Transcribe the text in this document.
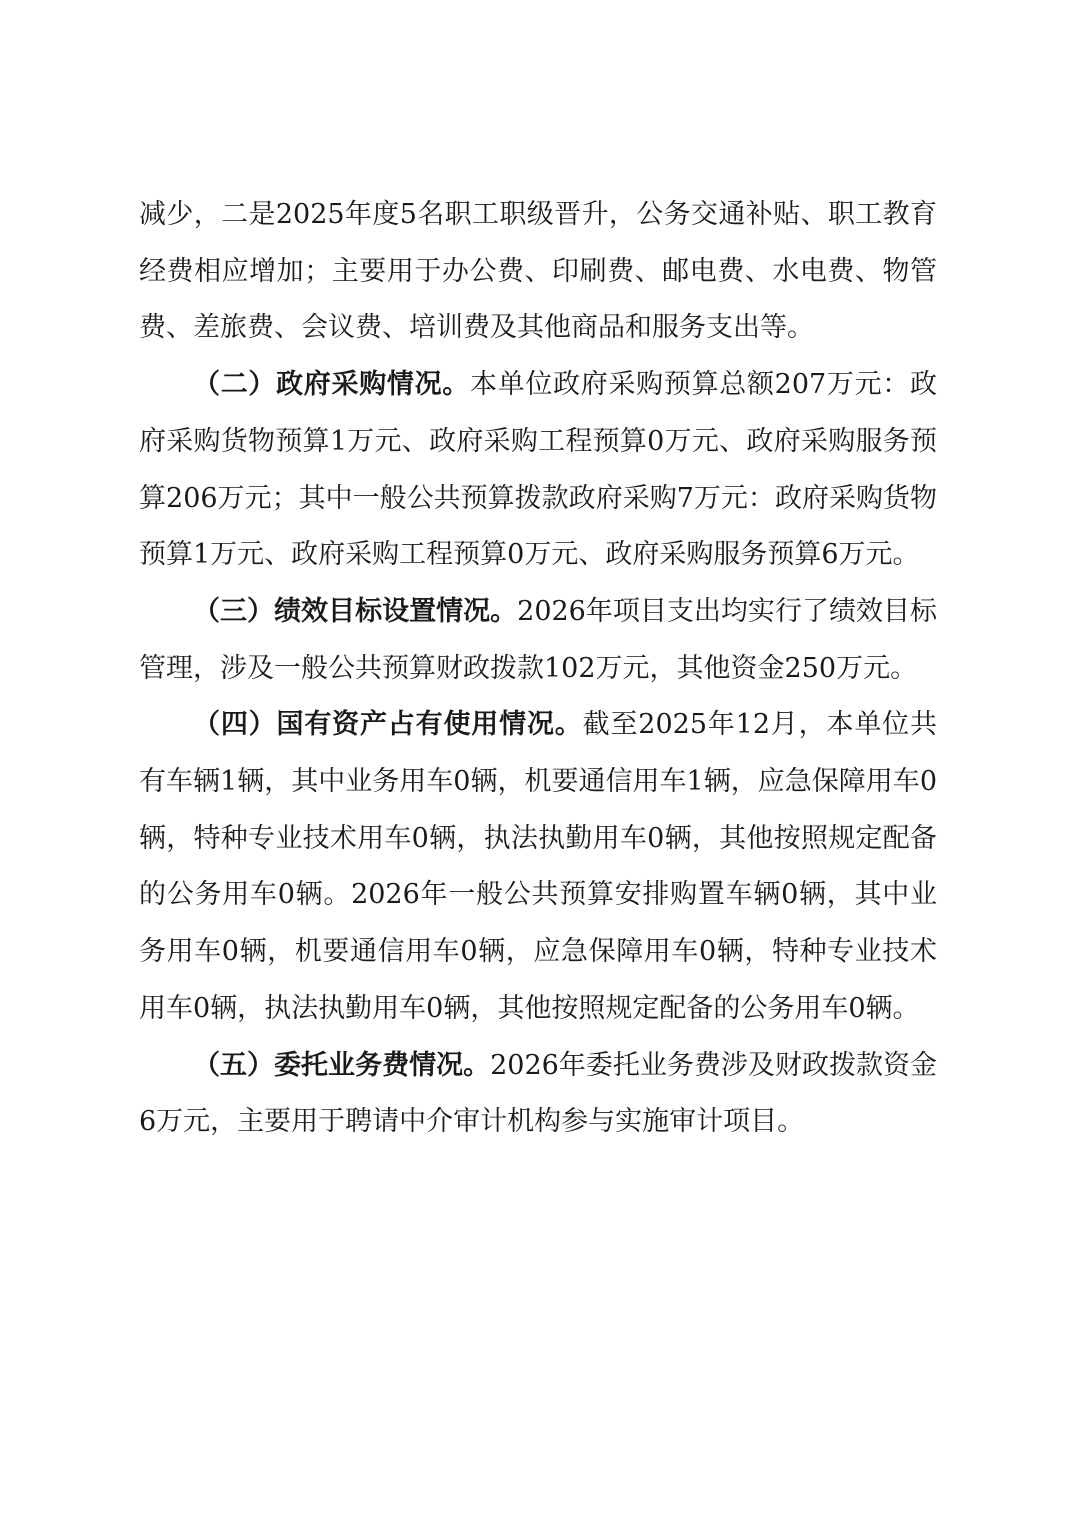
减少，二是2025年度5名职工职级晋升，公务交通补贴、职工教育经费相应增加；主要用于办公费、印刷费、邮电费、水电费、物管费、差旅费、会议费、培训费及其他商品和服务支出等。

（二）政府采购情况。本单位政府采购预算总额207万元：政府采购货物预算1万元、政府采购工程预算0万元、政府采购服务预算206万元；其中一般公共预算拨款政府采购7万元：政府采购货物预算1万元、政府采购工程预算0万元、政府采购服务预算6万元。

（三）绩效目标设置情况。2026年项目支出均实行了绩效目标管理，涉及一般公共预算财政拨款102万元，其他资金250万元。

（四）国有资产占有使用情况。截至2025年12月，本单位共有车辆1辆，其中业务用车0辆，机要通信用车1辆，应急保障用车0辆，特种专业技术用车0辆，执法执勤用车0辆，其他按照规定配备的公务用车0辆。2026年一般公共预算安排购置车辆0辆，其中业务用车0辆，机要通信用车0辆，应急保障用车0辆，特种专业技术用车0辆，执法执勤用车0辆，其他按照规定配备的公务用车0辆。

（五）委托业务费情况。2026年委托业务费涉及财政拨款资金6万元，主要用于聘请中介审计机构参与实施审计项目。
